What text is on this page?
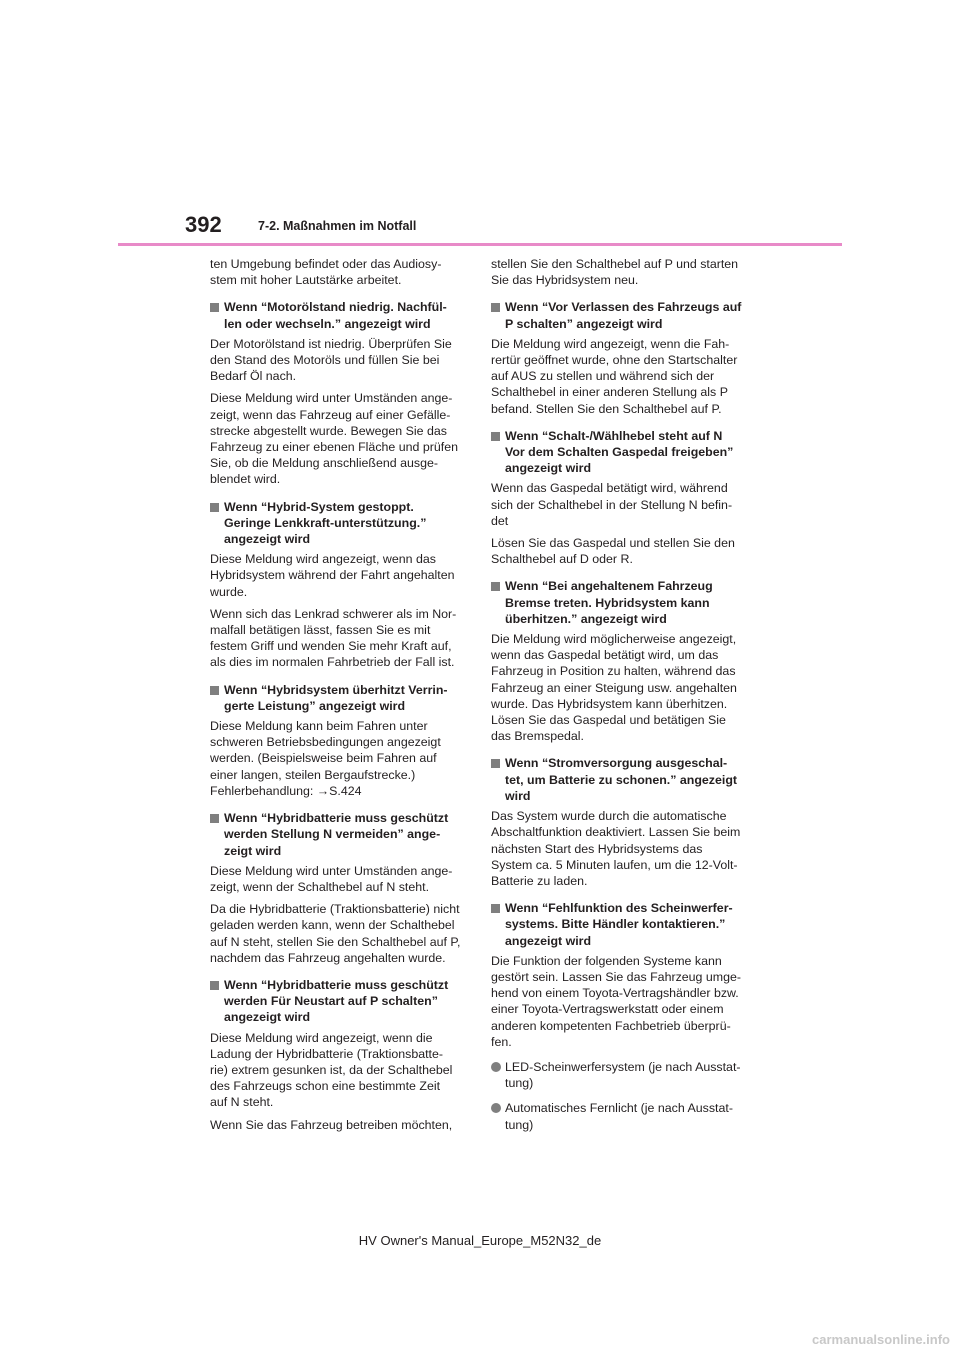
392	7-2. Maßnahmen im Notfall

ten Umgebung befindet oder das Audiosy-
stem mit hoher Lautstärke arbeitet.

Wenn “Motorölstand niedrig. Nachfül-
len oder wechseln.” angezeigt wird

Der Motorölstand ist niedrig. Überprüfen Sie
den Stand des Motoröls und füllen Sie bei
Bedarf Öl nach.

Diese Meldung wird unter Umständen ange-
zeigt, wenn das Fahrzeug auf einer Gefälle-
strecke abgestellt wurde. Bewegen Sie das
Fahrzeug zu einer ebenen Fläche und prüfen
Sie, ob die Meldung anschließend ausge-
blendet wird.

Wenn “Hybrid-System gestoppt.
Geringe Lenkkraft-unterstützung.”
angezeigt wird

Diese Meldung wird angezeigt, wenn das
Hybridsystem während der Fahrt angehalten
wurde.

Wenn sich das Lenkrad schwerer als im Nor-
malfall betätigen lässt, fassen Sie es mit
festem Griff und wenden Sie mehr Kraft auf,
als dies im normalen Fahrbetrieb der Fall ist.

Wenn “Hybridsystem überhitzt Verrin-
gerte Leistung” angezeigt wird

Diese Meldung kann beim Fahren unter
schweren Betriebsbedingungen angezeigt
werden. (Beispielsweise beim Fahren auf
einer langen, steilen Bergaufstrecke.)
Fehlerbehandlung: →S.424

Wenn “Hybridbatterie muss geschützt
werden Stellung N vermeiden” ange-
zeigt wird

Diese Meldung wird unter Umständen ange-
zeigt, wenn der Schalthebel auf N steht.

Da die Hybridbatterie (Traktionsbatterie) nicht
geladen werden kann, wenn der Schalthebel
auf N steht, stellen Sie den Schalthebel auf P,
nachdem das Fahrzeug angehalten wurde.

Wenn “Hybridbatterie muss geschützt
werden Für Neustart auf P schalten”
angezeigt wird

Diese Meldung wird angezeigt, wenn die
Ladung der Hybridbatterie (Traktionsbatte-
rie) extrem gesunken ist, da der Schalthebel
des Fahrzeugs schon eine bestimmte Zeit
auf N steht.

Wenn Sie das Fahrzeug betreiben möchten,

stellen Sie den Schalthebel auf P und starten
Sie das Hybridsystem neu.

Wenn “Vor Verlassen des Fahrzeugs auf
P schalten” angezeigt wird

Die Meldung wird angezeigt, wenn die Fah-
rertür geöffnet wurde, ohne den Startschalter
auf AUS zu stellen und während sich der
Schalthebel in einer anderen Stellung als P
befand. Stellen Sie den Schalthebel auf P.

Wenn “Schalt-/Wählhebel steht auf N
Vor dem Schalten Gaspedal freigeben”
angezeigt wird

Wenn das Gaspedal betätigt wird, während
sich der Schalthebel in der Stellung N befin-
det

Lösen Sie das Gaspedal und stellen Sie den
Schalthebel auf D oder R.

Wenn “Bei angehaltenem Fahrzeug
Bremse treten. Hybridsystem kann
überhitzen.” angezeigt wird

Die Meldung wird möglicherweise angezeigt,
wenn das Gaspedal betätigt wird, um das
Fahrzeug in Position zu halten, während das
Fahrzeug an einer Steigung usw. angehalten
wurde. Das Hybridsystem kann überhitzen.
Lösen Sie das Gaspedal und betätigen Sie
das Bremspedal.

Wenn “Stromversorgung ausgeschal-
tet, um Batterie zu schonen.” angezeigt
wird

Das System wurde durch die automatische
Abschaltfunktion deaktiviert. Lassen Sie beim
nächsten Start des Hybridsystems das
System ca. 5 Minuten laufen, um die 12-Volt-
Batterie zu laden.

Wenn “Fehlfunktion des Scheinwerfer-
systems. Bitte Händler kontaktieren.”
angezeigt wird

Die Funktion der folgenden Systeme kann
gestört sein. Lassen Sie das Fahrzeug umge-
hend von einem Toyota-Vertragshändler bzw.
einer Toyota-Vertragswerkstatt oder einem
anderen kompetenten Fachbetrieb überprü-
fen.

LED-Scheinwerfersystem (je nach Ausstat-
tung)

Automatisches Fernlicht (je nach Ausstat-
tung)

HV Owner's Manual_Europe_M52N32_de
carmanualsonline.info
